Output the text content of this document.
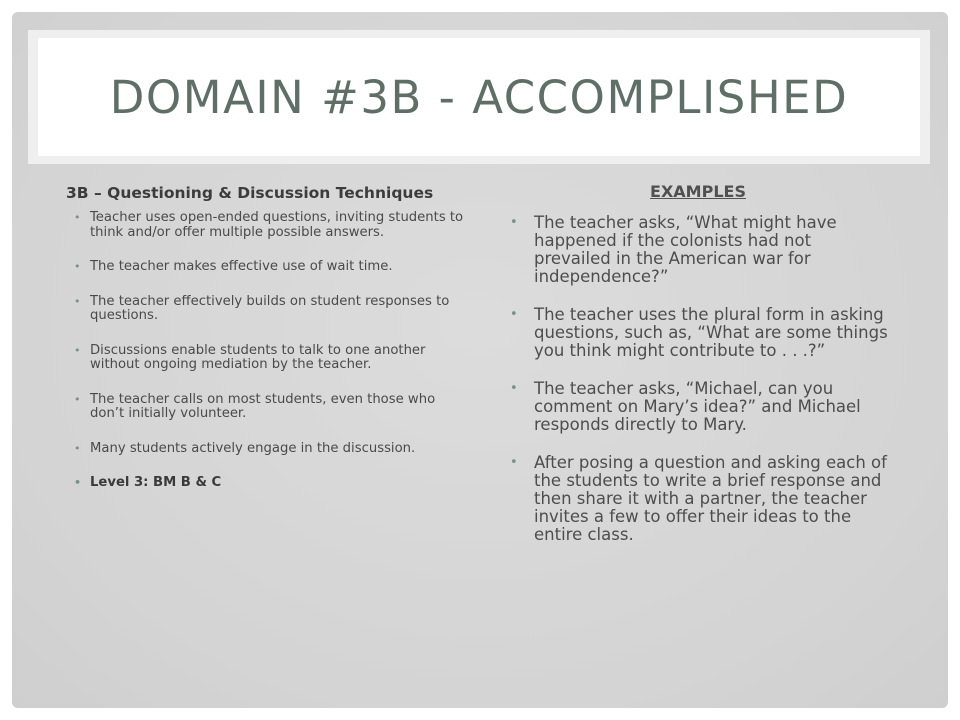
DOMAIN #3B - ACCOMPLISHED
3B – Questioning & Discussion Techniques
• Teacher uses open-ended questions, inviting students to think and/or offer multiple possible answers.
• The teacher makes effective use of wait time.
• The teacher effectively builds on student responses to questions.
• Discussions enable students to talk to one another without ongoing mediation by the teacher.
• The teacher calls on most students, even those who don’t initially volunteer.
• Many students actively engage in the discussion.
• Level 3: BM B & C
EXAMPLES
• The teacher asks, “What might have happened if the colonists had not prevailed in the American war for independence?”
• The teacher uses the plural form in asking questions, such as, “What are some things you think might contribute to . . .?”
• The teacher asks, “Michael, can you comment on Mary’s idea?” and Michael responds directly to Mary.
• After posing a question and asking each of the students to write a brief response and then share it with a partner, the teacher invites a few to offer their ideas to the entire class.
